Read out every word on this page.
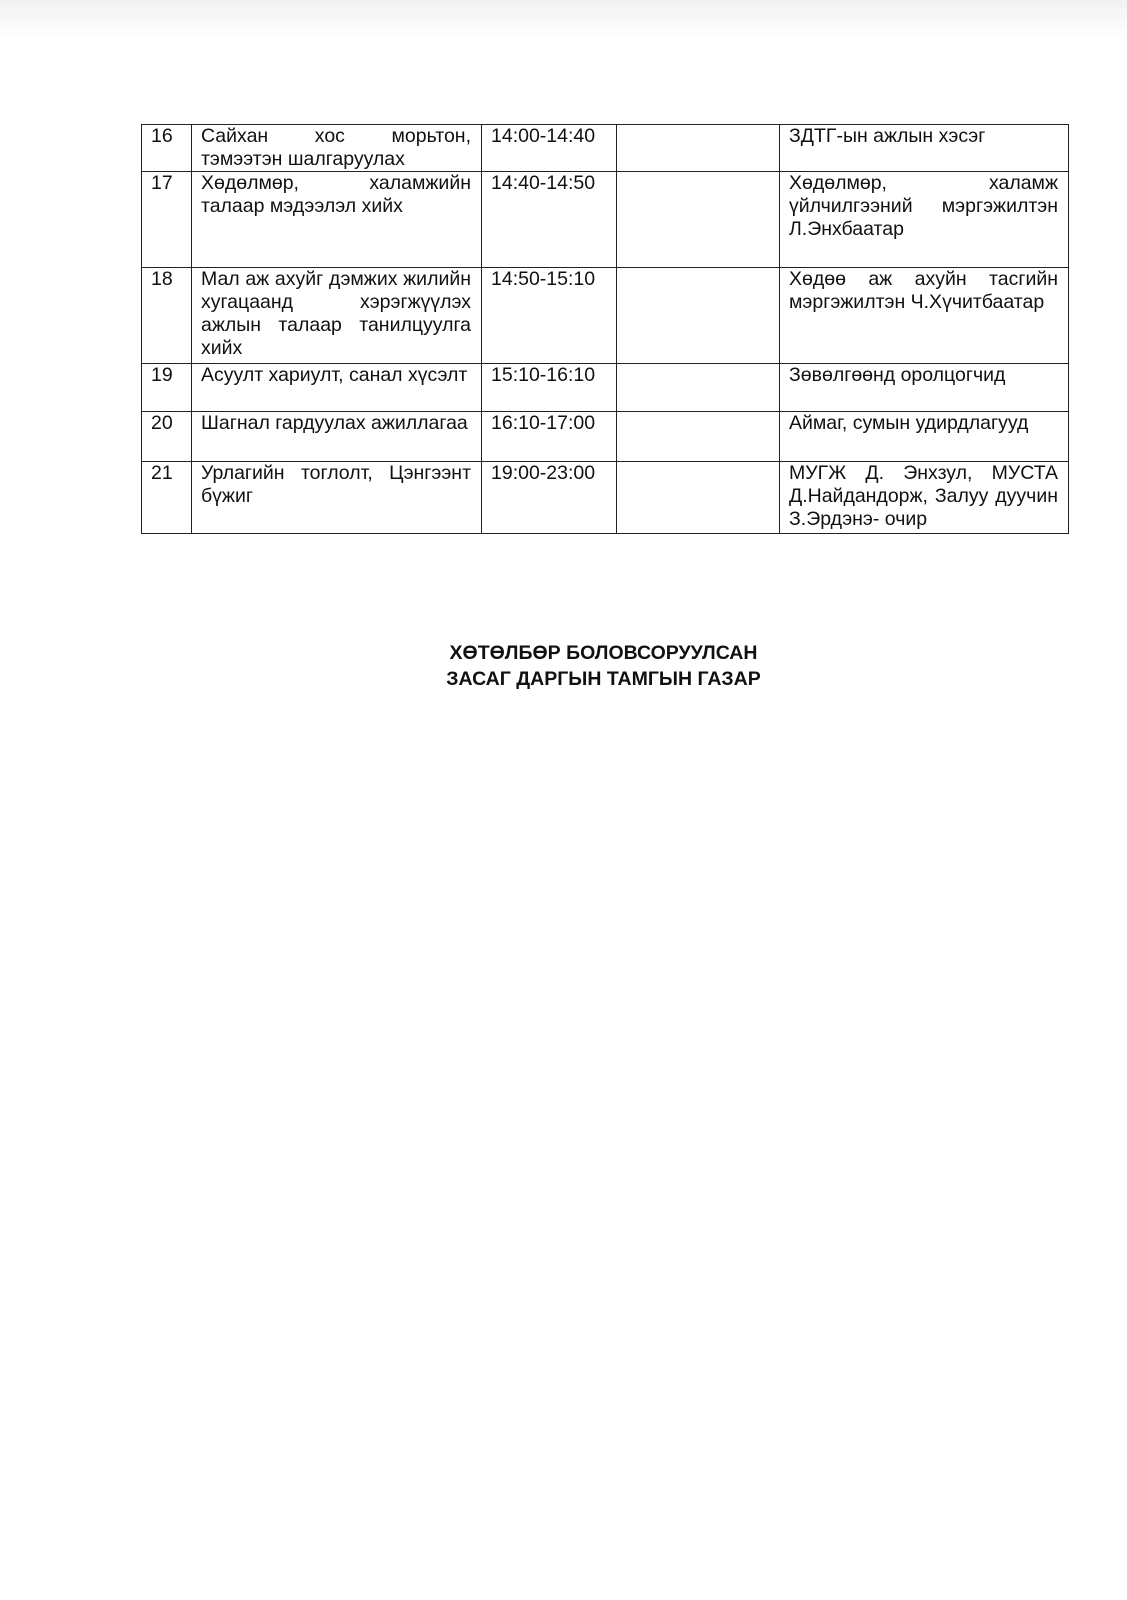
16	Сайхан хос морьтон, тэмээтэн шалгаруулах	14:00-14:40		ЗДТГ-ын ажлын хэсэг
17	Хөдөлмөр, халамжийн талаар мэдээлэл хийх	14:40-14:50		Хөдөлмөр, халамж үйлчилгээний мэргэжилтэн Л.Энхбаатар
18	Мал аж ахуйг дэмжих жилийн хугацаанд хэрэгжүүлэх ажлын талаар танилцуулга хийх	14:50-15:10		Хөдөө аж ахуйн тасгийн мэргэжилтэн Ч.Хүчитбаатар
19	Асуулт хариулт, санал хүсэлт	15:10-16:10		Зөвөлгөөнд оролцогчид
20	Шагнал гардуулах ажиллагаа	16:10-17:00		Аймаг, сумын удирдлагууд
21	Урлагийн тоглолт, Цэнгээнт бүжиг	19:00-23:00		МУГЖ Д. Энхзул, МУСТА Д.Найдандорж, Залуу дуучин З.Эрдэнэ- очир
ХӨТӨЛБӨР БОЛОВСОРУУЛСАН
ЗАСАГ ДАРГЫН ТАМГЫН ГАЗАР
